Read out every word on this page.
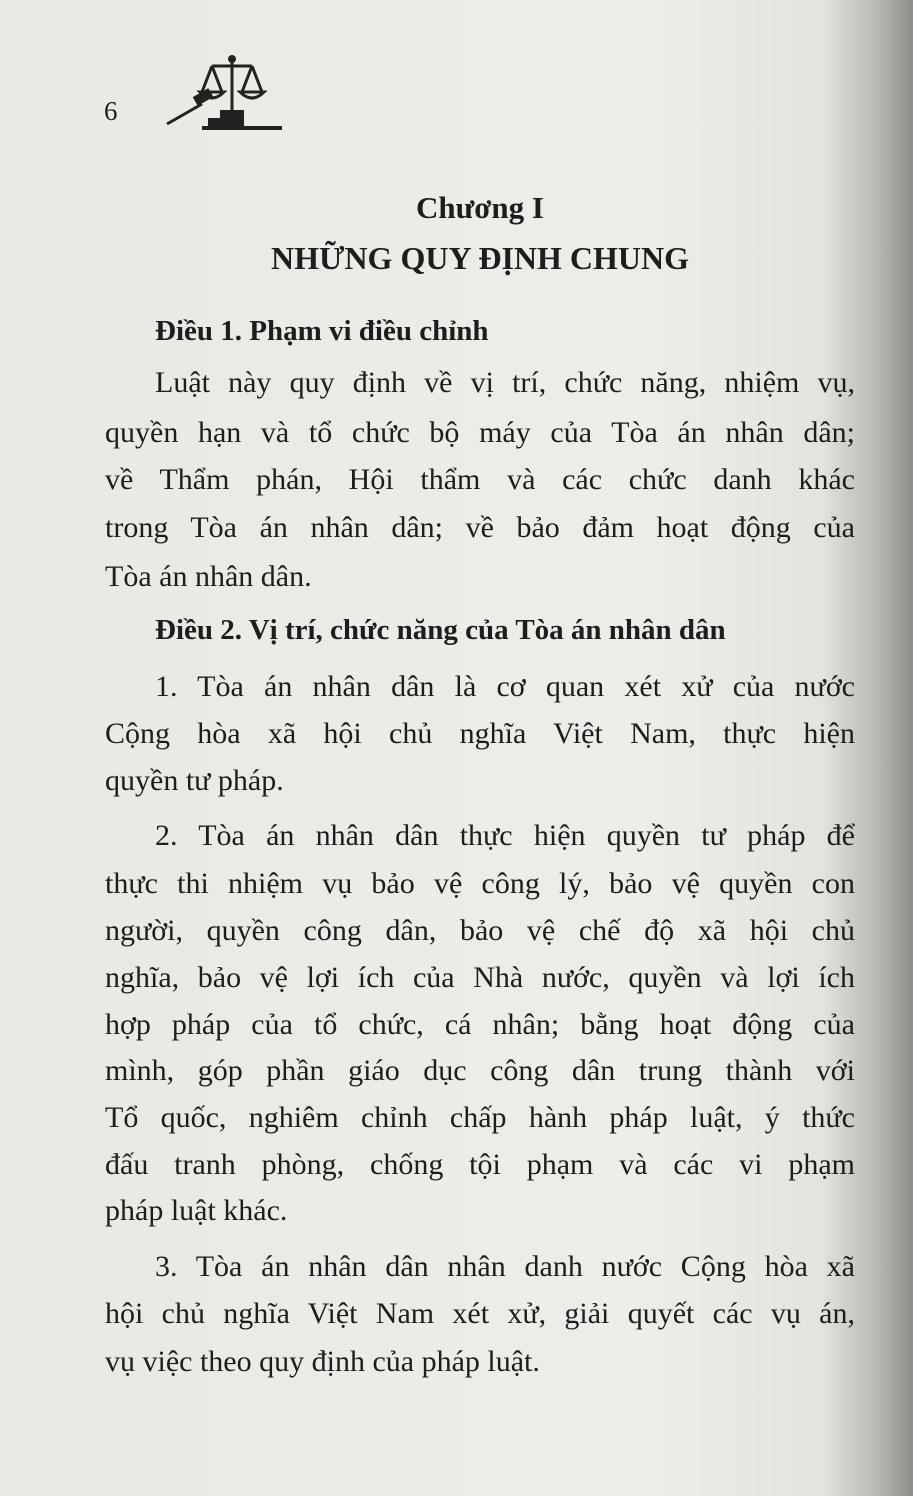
6
Chương I
NHỮNG QUY ĐỊNH CHUNG
Điều 1. Phạm vi điều chỉnh
Luật này quy định về vị trí, chức năng, nhiệm vụ,
quyền hạn và tổ chức bộ máy của Tòa án nhân dân;
về Thẩm phán, Hội thẩm và các chức danh khác
trong Tòa án nhân dân; về bảo đảm hoạt động của
Tòa án nhân dân.
Điều 2. Vị trí, chức năng của Tòa án nhân dân
1. Tòa án nhân dân là cơ quan xét xử của nước
Cộng hòa xã hội chủ nghĩa Việt Nam, thực hiện
quyền tư pháp.
2. Tòa án nhân dân thực hiện quyền tư pháp để
thực thi nhiệm vụ bảo vệ công lý, bảo vệ quyền con
người, quyền công dân, bảo vệ chế độ xã hội chủ
nghĩa, bảo vệ lợi ích của Nhà nước, quyền và lợi ích
hợp pháp của tổ chức, cá nhân; bằng hoạt động của
mình, góp phần giáo dục công dân trung thành với
Tổ quốc, nghiêm chỉnh chấp hành pháp luật, ý thức
đấu tranh phòng, chống tội phạm và các vi phạm
pháp luật khác.
3. Tòa án nhân dân nhân danh nước Cộng hòa xã
hội chủ nghĩa Việt Nam xét xử, giải quyết các vụ án,
vụ việc theo quy định của pháp luật.
